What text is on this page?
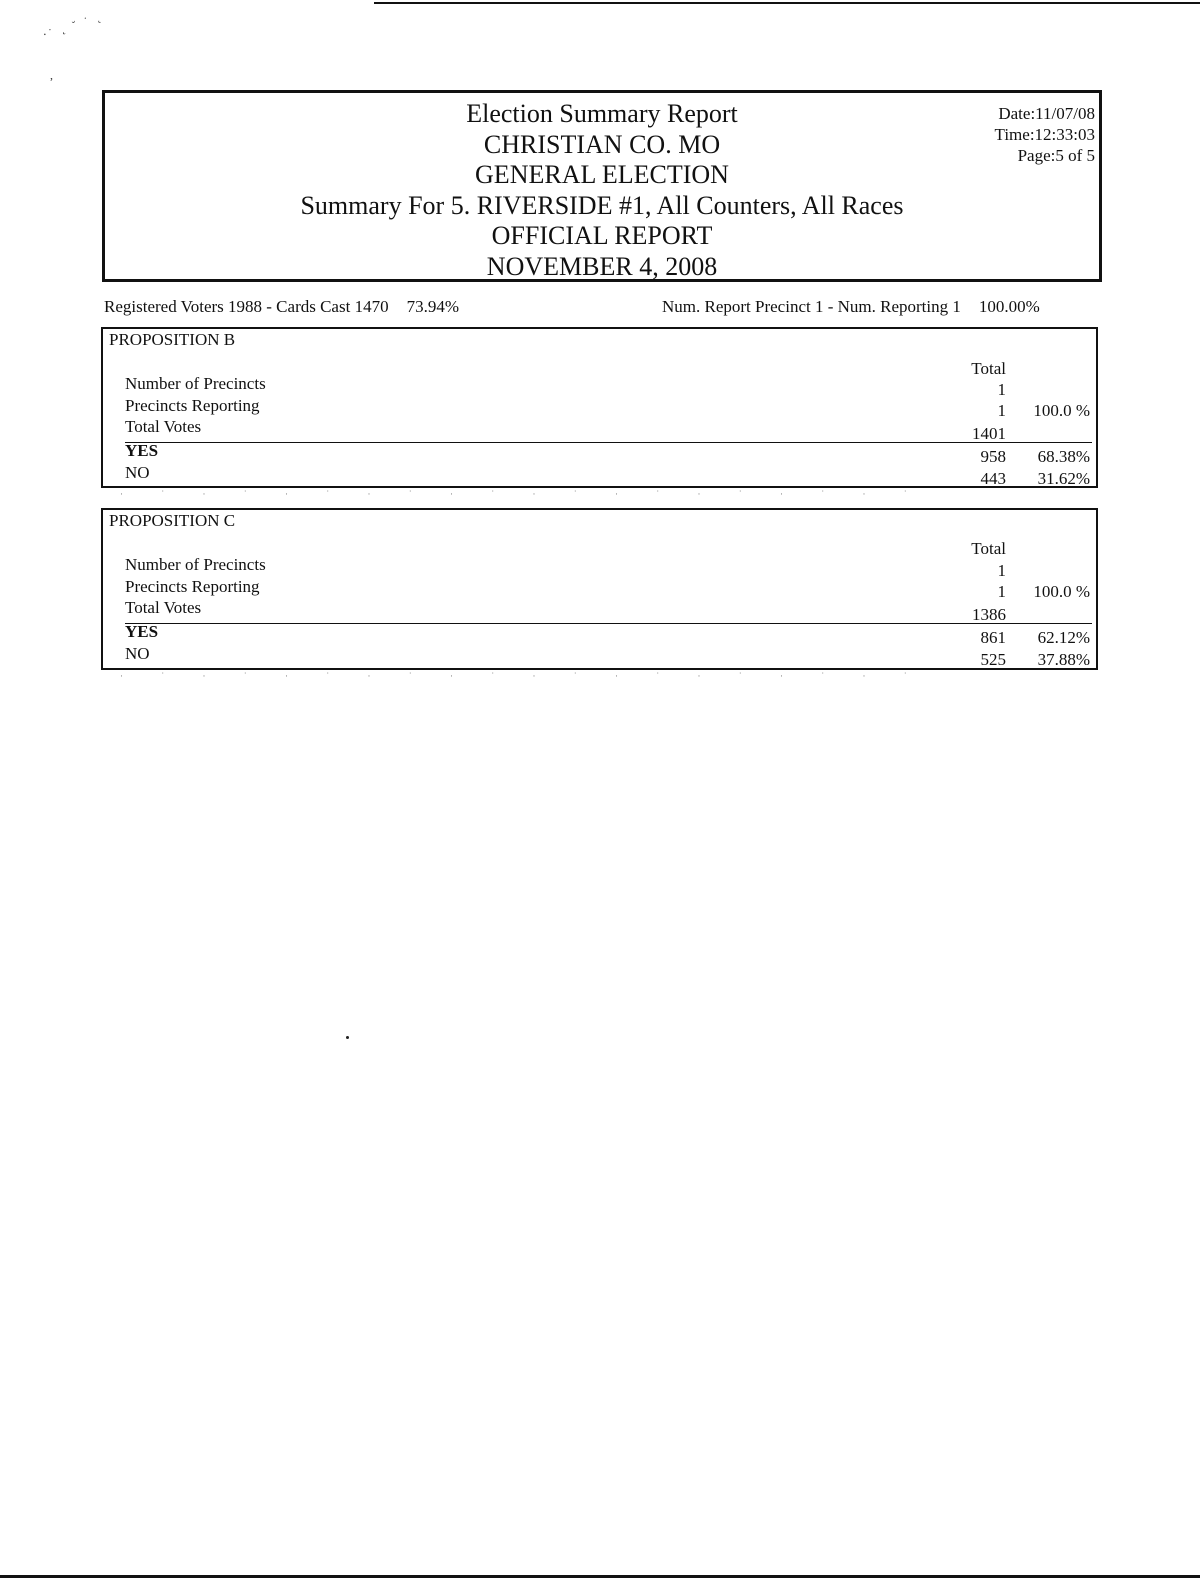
⸱˙ ˛ ˘ ˙ ˛
,
Election Summary Report
CHRISTIAN CO. MO
GENERAL ELECTION
Summary For 5. RIVERSIDE #1, All Counters, All Races
OFFICIAL REPORT
NOVEMBER 4, 2008
Date:11/07/08
Time:12:33:03
Page:5 of 5
Registered Voters 1988 - Cards Cast 1470 73.94%	Num. Report Precinct 1 - Num. Reporting 1 100.00%
PROPOSITION B
Total
Number of Precincts	1
Precincts Reporting	1 100.0 %
Total Votes	1401
YES	958 68.38%
NO	443 31.62%
· ˙ · ˙ · ˙ · ˙ · ˙ · ˙ · ˙ · ˙ · ˙ · ˙
PROPOSITION C
Total
Number of Precincts	1
Precincts Reporting	1 100.0 %
Total Votes	1386
YES	861 62.12%
NO	525 37.88%
· ˙ · ˙ · ˙ · ˙ · ˙ · ˙ · ˙ · ˙ · ˙ · ˙
